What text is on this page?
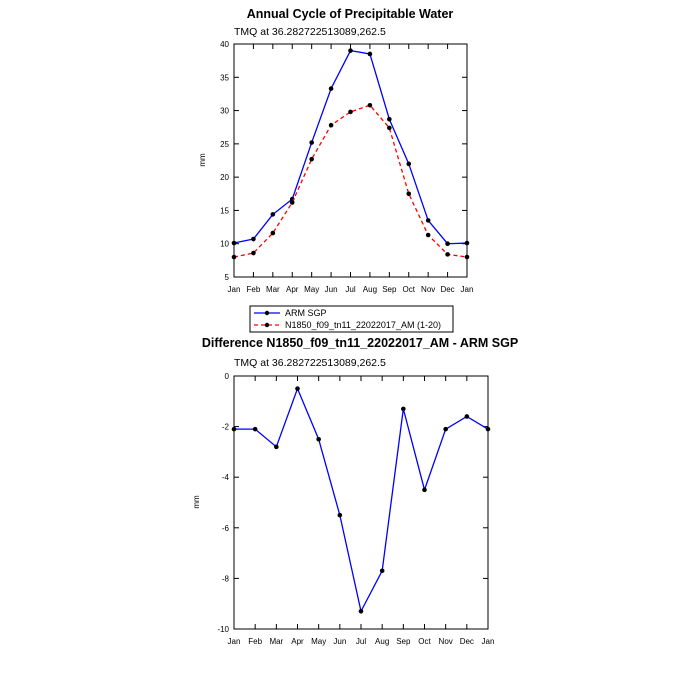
Annual Cycle of Precipitable Water
TMQ at 36.282722513089,262.5
mm
Jan Feb Mar Apr May Jun Jul Aug Sep Oct Nov Dec Jan
5
10
15
20
25
30
35
40
ARM SGP
N1850_f09_tn11_22022017_AM (1-20)
Difference N1850_f09_tn11_22022017_AM - ARM SGP
TMQ at 36.282722513089,262.5
mm
Jan Feb Mar Apr May Jun Jul Aug Sep Oct Nov Dec Jan
-10
-8
-6
-4
-2
0
